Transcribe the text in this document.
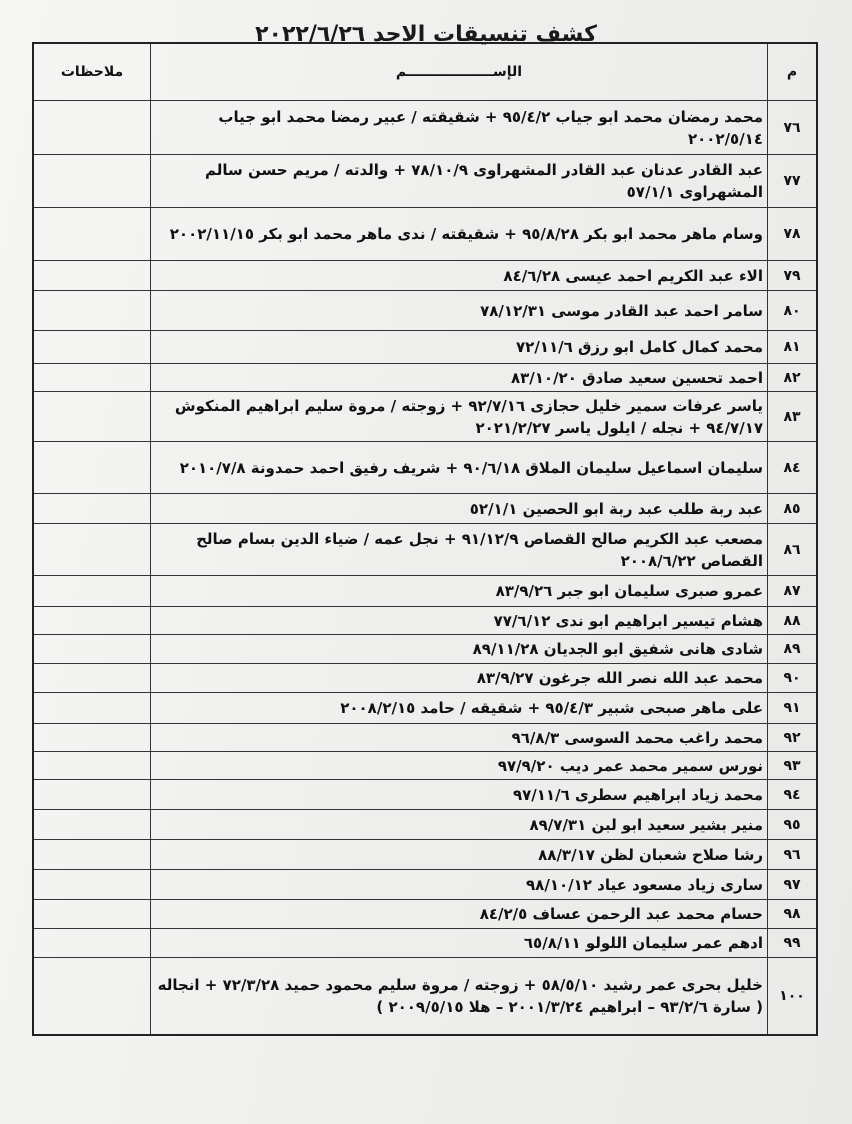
كشف تنسيقات الاحد ٢٠٢٢/٦/٢٦
م	الإســــــــــــــــــم	ملاحظات
٧٦	محمد رمضان محمد ابو جياب ٩٥/٤/٢ + شقيقته / عبير رمضا محمد ابو جياب ٢٠٠٢/٥/١٤	
٧٧	عبد القادر عدنان عبد القادر المشهراوى ٧٨/١٠/٩ + والدته / مريم حسن سالم المشهراوى ٥٧/١/١	
٧٨	وسام ماهر محمد ابو بكر ٩٥/٨/٢٨ + شقيقته / ندى ماهر محمد ابو بكر ٢٠٠٢/١١/١٥	
٧٩	الاء عبد الكريم احمد عيسى ٨٤/٦/٢٨	
٨٠	سامر احمد عبد القادر موسى ٧٨/١٢/٣١	
٨١	محمد كمال كامل ابو رزق ٧٢/١١/٦	
٨٢	احمد تحسين سعيد صادق ٨٣/١٠/٢٠	
٨٣	ياسر عرفات سمير خليل حجازى ٩٢/٧/١٦ + زوجته / مروة سليم ابراهيم المنكوش ٩٤/٧/١٧ + نجله / ايلول ياسر ٢٠٢١/٢/٢٧	
٨٤	سليمان اسماعيل سليمان الملاق ٩٠/٦/١٨ + شريف رفيق احمد حمدونة ٢٠١٠/٧/٨	
٨٥	عبد ربة طلب عبد ربة ابو الحصين ٥٢/١/١	
٨٦	مصعب عبد الكريم صالح القصاص ٩١/١٢/٩ + نجل عمه / ضياء الدين بسام صالح القصاص ٢٠٠٨/٦/٢٢	
٨٧	عمرو صبرى سليمان ابو جبر ٨٣/٩/٢٦	
٨٨	هشام تيسير ابراهيم ابو ندى ٧٧/٦/١٢	
٨٩	شادى هانى شفيق ابو الجديان ٨٩/١١/٢٨	
٩٠	محمد عبد الله نصر الله جرغون ٨٣/٩/٢٧	
٩١	على ماهر صبحى شبير ٩٥/٤/٣ + شقيقه / حامد ٢٠٠٨/٢/١٥	
٩٢	محمد راغب محمد السوسى ٩٦/٨/٣	
٩٣	نورس سمير محمد عمر ديب ٩٧/٩/٢٠	
٩٤	محمد زياد ابراهيم سطرى ٩٧/١١/٦	
٩٥	منير بشير سعيد ابو لبن ٨٩/٧/٣١	
٩٦	رشا صلاح شعبان لظن ٨٨/٣/١٧	
٩٧	سارى زياد مسعود عياد ٩٨/١٠/١٢	
٩٨	حسام محمد عبد الرحمن عساف ٨٤/٢/٥	
٩٩	ادهم عمر سليمان اللولو ٦٥/٨/١١	
١٠٠	خليل بحرى عمر رشيد ٥٨/٥/١٠ + زوجته / مروة سليم محمود حميد ٧٢/٣/٢٨ + انجاله ( سارة ٩٣/٢/٦ – ابراهيم ٢٠٠١/٣/٢٤ – هلا ٢٠٠٩/٥/١٥ )	
